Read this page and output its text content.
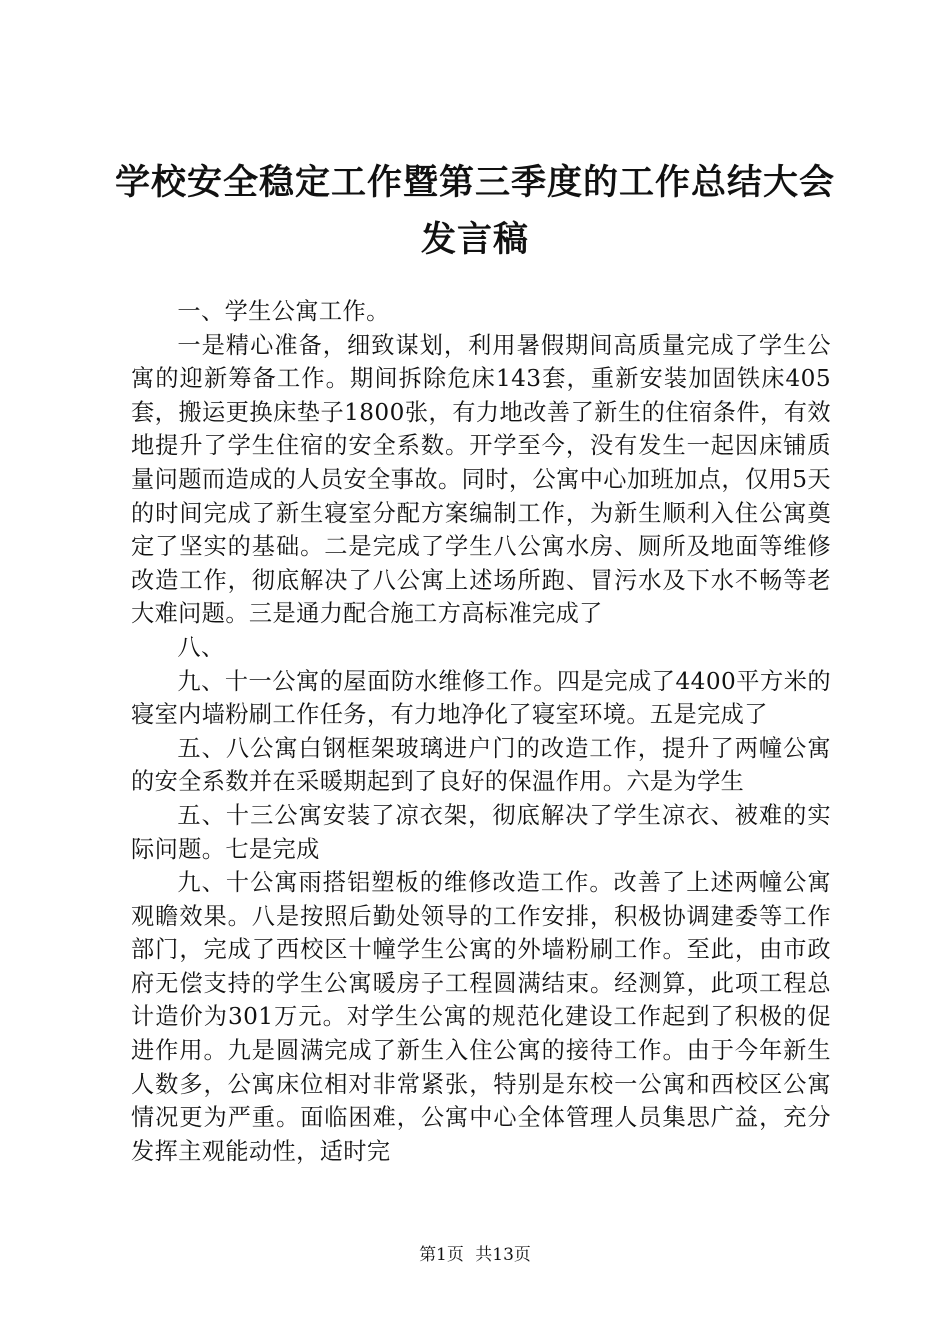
学校安全稳定工作暨第三季度的工作总结大会
发言稿

一、学生公寓工作。

一是精心准备，细致谋划，利用暑假期间高质量完成了学生公寓的迎新筹备工作。期间拆除危床143套，重新安装加固铁床405套，搬运更换床垫子1800张，有力地改善了新生的住宿条件，有效地提升了学生住宿的安全系数。开学至今，没有发生一起因床铺质量问题而造成的人员安全事故。同时，公寓中心加班加点，仅用5天的时间完成了新生寝室分配方案编制工作，为新生顺利入住公寓奠定了坚实的基础。二是完成了学生八公寓水房、厕所及地面等维修改造工作，彻底解决了八公寓上述场所跑、冒污水及下水不畅等老大难问题。三是通力配合施工方高标准完成了

八、

九、十一公寓的屋面防水维修工作。四是完成了4400平方米的寝室内墙粉刷工作任务，有力地净化了寝室环境。五是完成了

五、八公寓白钢框架玻璃进户门的改造工作，提升了两幢公寓的安全系数并在采暖期起到了良好的保温作用。六是为学生

五、十三公寓安装了凉衣架，彻底解决了学生凉衣、被难的实际问题。七是完成

九、十公寓雨搭铝塑板的维修改造工作。改善了上述两幢公寓观瞻效果。八是按照后勤处领导的工作安排，积极协调建委等工作部门，完成了西校区十幢学生公寓的外墙粉刷工作。至此，由市政府无偿支持的学生公寓暖房子工程圆满结束。经测算，此项工程总计造价为301万元。对学生公寓的规范化建设工作起到了积极的促进作用。九是圆满完成了新生入住公寓的接待工作。由于今年新生人数多，公寓床位相对非常紧张，特别是东校一公寓和西校区公寓情况更为严重。面临困难，公寓中心全体管理人员集思广益，充分发挥主观能动性，适时完

第1页 共13页
